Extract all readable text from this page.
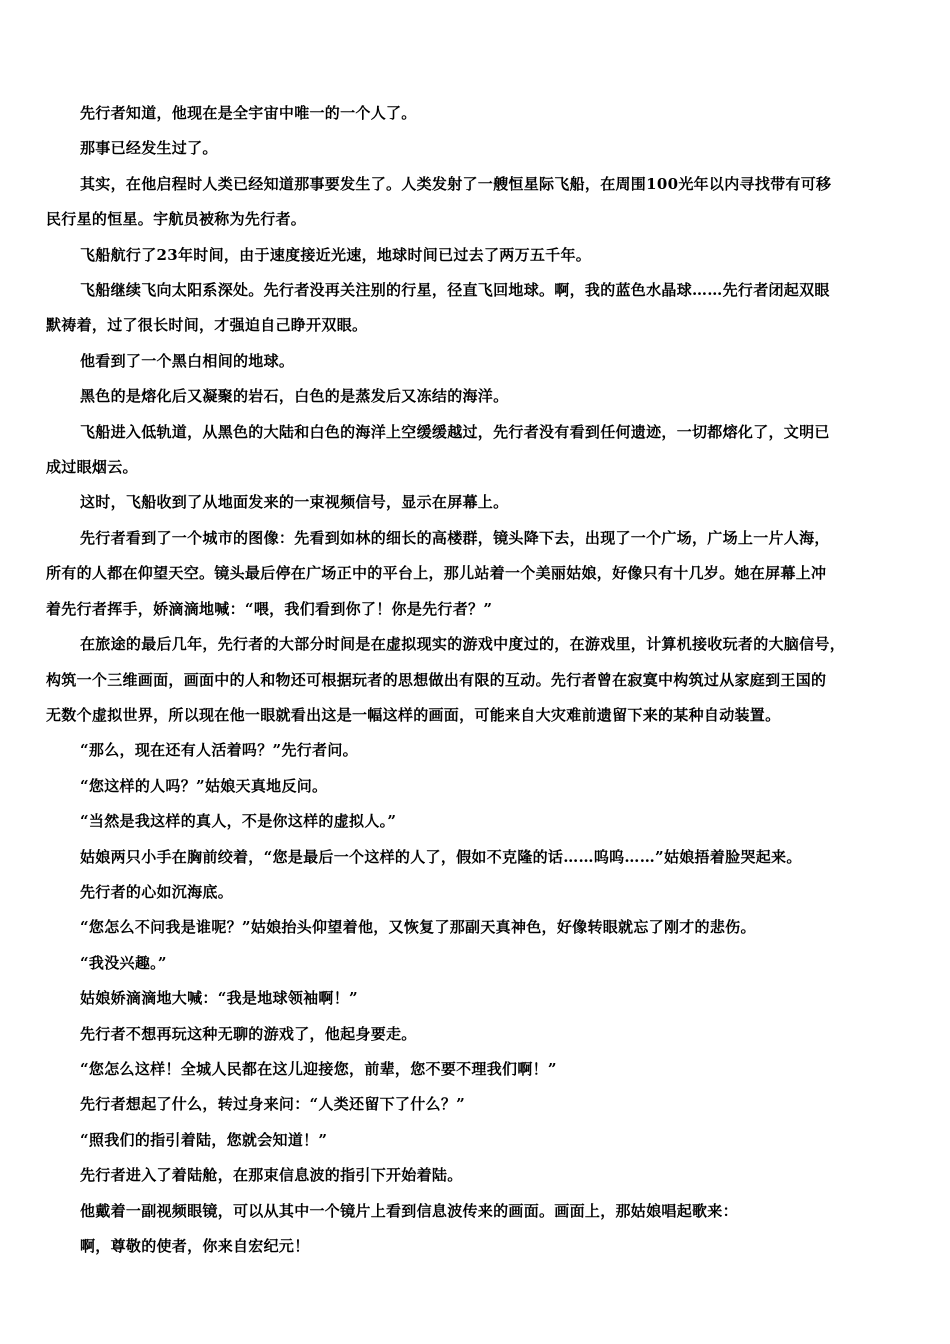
先行者知道，他现在是全宇宙中唯一的一个人了。
那事已经发生过了。
其实，在他启程时人类已经知道那事要发生了。人类发射了一艘恒星际飞船，在周围100光年以内寻找带有可移
民行星的恒星。宇航员被称为先行者。
飞船航行了23年时间，由于速度接近光速，地球时间已过去了两万五千年。
飞船继续飞向太阳系深处。先行者没再关注别的行星，径直飞回地球。啊，我的蓝色水晶球……先行者闭起双眼
默祷着，过了很长时间，才强迫自己睁开双眼。
他看到了一个黑白相间的地球。
黑色的是熔化后又凝聚的岩石，白色的是蒸发后又冻结的海洋。
飞船进入低轨道，从黑色的大陆和白色的海洋上空缓缓越过，先行者没有看到任何遗迹，一切都熔化了，文明已
成过眼烟云。
这时，飞船收到了从地面发来的一束视频信号，显示在屏幕上。
先行者看到了一个城市的图像：先看到如林的细长的高楼群，镜头降下去，出现了一个广场，广场上一片人海，
所有的人都在仰望天空。镜头最后停在广场正中的平台上，那儿站着一个美丽姑娘，好像只有十几岁。她在屏幕上冲
着先行者挥手，娇滴滴地喊：“喂，我们看到你了！你是先行者？”
在旅途的最后几年，先行者的大部分时间是在虚拟现实的游戏中度过的，在游戏里，计算机接收玩者的大脑信号，
构筑一个三维画面，画面中的人和物还可根据玩者的思想做出有限的互动。先行者曾在寂寞中构筑过从家庭到王国的
无数个虚拟世界，所以现在他一眼就看出这是一幅这样的画面，可能来自大灾难前遗留下来的某种自动装置。
“那么，现在还有人活着吗？”先行者问。
“您这样的人吗？”姑娘天真地反问。
“当然是我这样的真人，不是你这样的虚拟人。”
姑娘两只小手在胸前绞着，“您是最后一个这样的人了，假如不克隆的话……呜呜……”姑娘捂着脸哭起来。
先行者的心如沉海底。
“您怎么不问我是谁呢？”姑娘抬头仰望着他，又恢复了那副天真神色，好像转眼就忘了刚才的悲伤。
“我没兴趣。”
姑娘娇滴滴地大喊：“我是地球领袖啊！”
先行者不想再玩这种无聊的游戏了，他起身要走。
“您怎么这样！全城人民都在这儿迎接您，前辈，您不要不理我们啊！”
先行者想起了什么，转过身来问：“人类还留下了什么？”
“照我们的指引着陆，您就会知道！”
先行者进入了着陆舱，在那束信息波的指引下开始着陆。
他戴着一副视频眼镜，可以从其中一个镜片上看到信息波传来的画面。画面上，那姑娘唱起歌来：
啊，尊敬的使者，你来自宏纪元！
